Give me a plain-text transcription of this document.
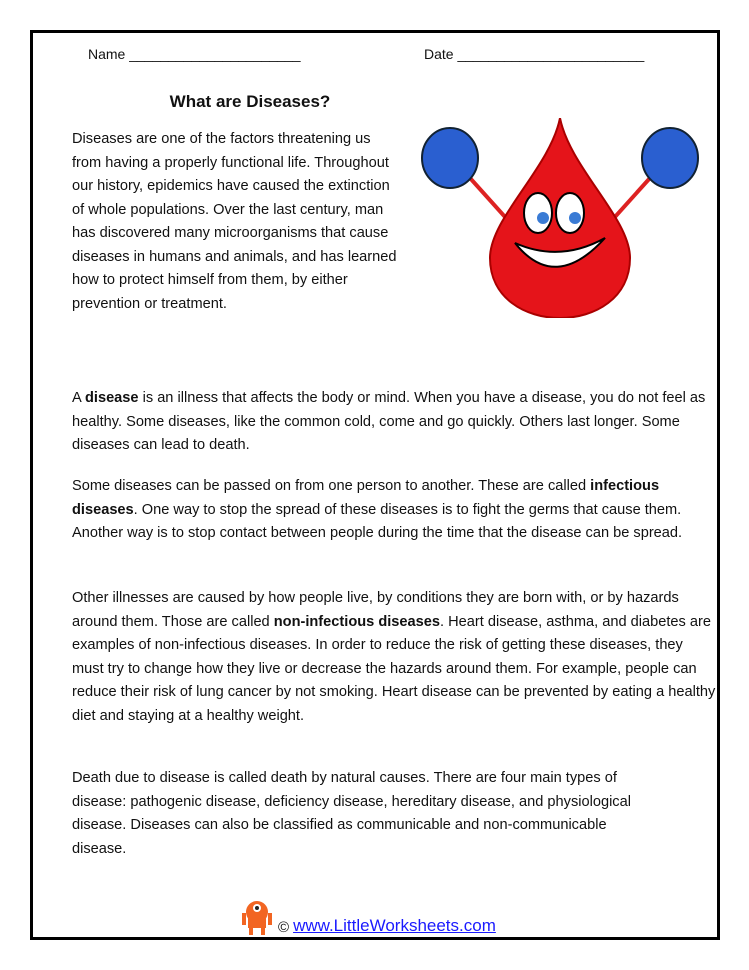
Name ______________________	Date ________________________
What are Diseases?

Diseases are one of the factors threatening us from having a properly functional life. Throughout our history, epidemics have caused the extinction of whole populations. Over the last century, man has discovered many microorganisms that cause diseases in humans and animals, and has learned how to protect himself from them, by either prevention or treatment.

A disease is an illness that affects the body or mind. When you have a disease, you do not feel as healthy. Some diseases, like the common cold, come and go quickly. Others last longer. Some diseases can lead to death.

Some diseases can be passed on from one person to another. These are called infectious diseases. One way to stop the spread of these diseases is to fight the germs that cause them. Another way is to stop contact between people during the time that the disease can be spread.

Other illnesses are caused by how people live, by conditions they are born with, or by hazards around them. Those are called non-infectious diseases. Heart disease, asthma, and diabetes are examples of non-infectious diseases. In order to reduce the risk of getting these diseases, they must try to change how they live or decrease the hazards around them. For example, people can reduce their risk of lung cancer by not smoking. Heart disease can be prevented by eating a healthy diet and staying at a healthy weight.

Death due to disease is called death by natural causes. There are four main types of disease: pathogenic disease, deficiency disease, hereditary disease, and physiological disease. Diseases can also be classified as communicable and non-communicable disease.

© www.LittleWorksheets.com
